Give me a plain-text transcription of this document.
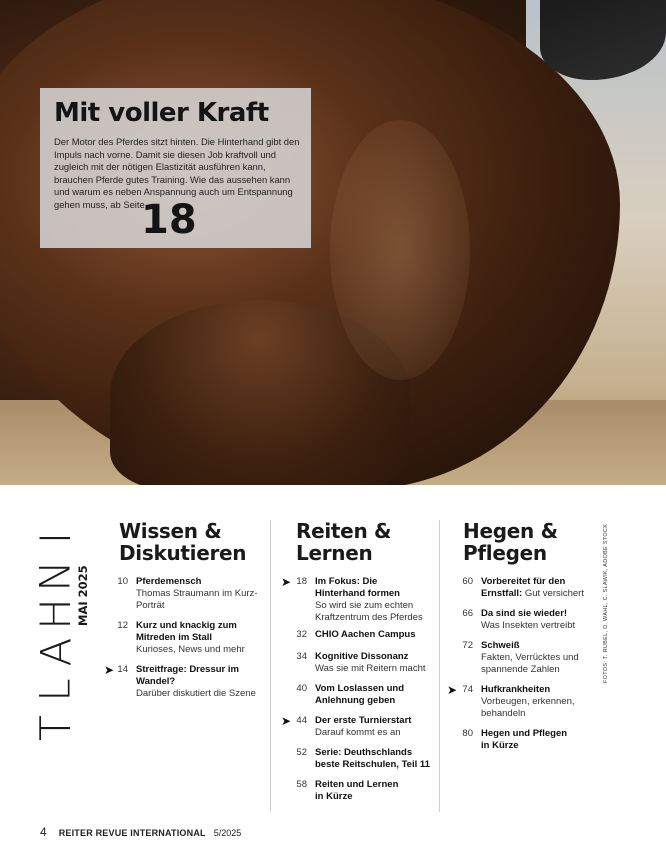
Mit voller Kraft
Der Motor des Pferdes sitzt hinten. Die Hinterhand gibt den Impuls nach vorne. Damit sie diesen Job kraftvoll und zugleich mit der nötigen Elastizität ausführen kann, brauchen Pferde gutes Training. Wie das aussehen kann und warum es neben Anspannung auch um Entspannung gehen muss, ab Seite
18
I
N
H
A
L
T
MAI 2025
Wissen &
Diskutieren
10 Pferdemensch
Thomas Straumann im Kurz-Porträt
12 Kurz und knackig zum Mitreden im Stall
Kurioses, News und mehr
➤ 14 Streitfrage: Dressur im Wandel?
Darüber diskutiert die Szene
Reiten &
Lernen
➤ 18 Im Fokus: Die Hinterhand formen
So wird sie zum echten Kraftzentrum des Pferdes
32 CHIO Aachen Campus
34 Kognitive Dissonanz
Was sie mit Reitern macht
40 Vom Loslassen und Anlehnung geben
➤ 44 Der erste Turnierstart
Darauf kommt es an
52 Serie: Deuthschlands beste Reitschulen, Teil 11
58 Reiten und Lernen in Kürze
Hegen &
Pflegen
60 Vorbereitet für den Ernstfall: Gut versichert
66 Da sind sie wieder!
Was Insekten vertreibt
72 Schweiß
Fakten, Verrücktes und spannende Zahlen
➤ 74 Hufkrankheiten
Vorbeugen, erkennen, behandeln
80 Hegen und Pflegen in Kürze
FOTOS: T. RUBEL, D. WAHL, C. SLAWIK, ADOBE STOCK
4 REITER REVUE INTERNATIONAL 5/2025
